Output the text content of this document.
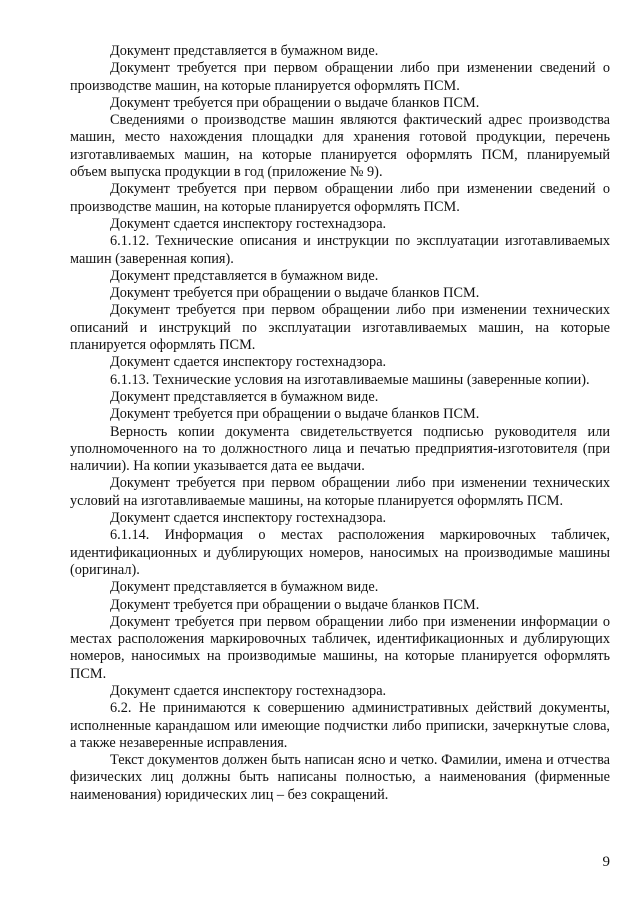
Документ представляется в бумажном виде.

Документ требуется при первом обращении либо при изменении сведений о производстве машин, на которые планируется оформлять ПСМ.

Документ требуется при обращении о выдаче бланков ПСМ.

Сведениями о производстве машин являются фактический адрес производства машин, место нахождения площадки для хранения готовой продукции, перечень изготавливаемых машин, на которые планируется оформлять ПСМ, планируемый объем выпуска продукции в год (приложение № 9).

Документ требуется при первом обращении либо при изменении сведений о производстве машин, на которые планируется оформлять ПСМ.

Документ сдается инспектору гостехнадзора.

6.1.12. Технические описания и инструкции по эксплуатации изготавливаемых машин (заверенная копия).

Документ представляется в бумажном виде.

Документ требуется при обращении о выдаче бланков ПСМ.

Документ требуется при первом обращении либо при изменении технических описаний и инструкций по эксплуатации изготавливаемых машин, на которые планируется оформлять ПСМ.

Документ сдается инспектору гостехнадзора.

6.1.13. Технические условия на изготавливаемые машины (заверенные копии).

Документ представляется в бумажном виде.

Документ требуется при обращении о выдаче бланков ПСМ.

Верность копии документа свидетельствуется подписью руководителя или уполномоченного на то должностного лица и печатью предприятия-изготовителя (при наличии). На копии указывается дата ее выдачи.

Документ требуется при первом обращении либо при изменении технических условий на изготавливаемые машины, на которые планируется оформлять ПСМ.

Документ сдается инспектору гостехнадзора.

6.1.14. Информация о местах расположения маркировочных табличек, идентификационных и дублирующих номеров, наносимых на производимые машины (оригинал).

Документ представляется в бумажном виде.

Документ требуется при обращении о выдаче бланков ПСМ.

Документ требуется при первом обращении либо при изменении информации о местах расположения маркировочных табличек, идентификационных и дублирующих номеров, наносимых на производимые машины, на которые планируется оформлять ПСМ.

Документ сдается инспектору гостехнадзора.

6.2. Не принимаются к совершению административных действий документы, исполненные карандашом или имеющие подчистки либо приписки, зачеркнутые слова, а также незаверенные исправления.

Текст документов должен быть написан ясно и четко. Фамилии, имена и отчества физических лиц должны быть написаны полностью, а наименования (фирменные наименования) юридических лиц – без сокращений.

9
